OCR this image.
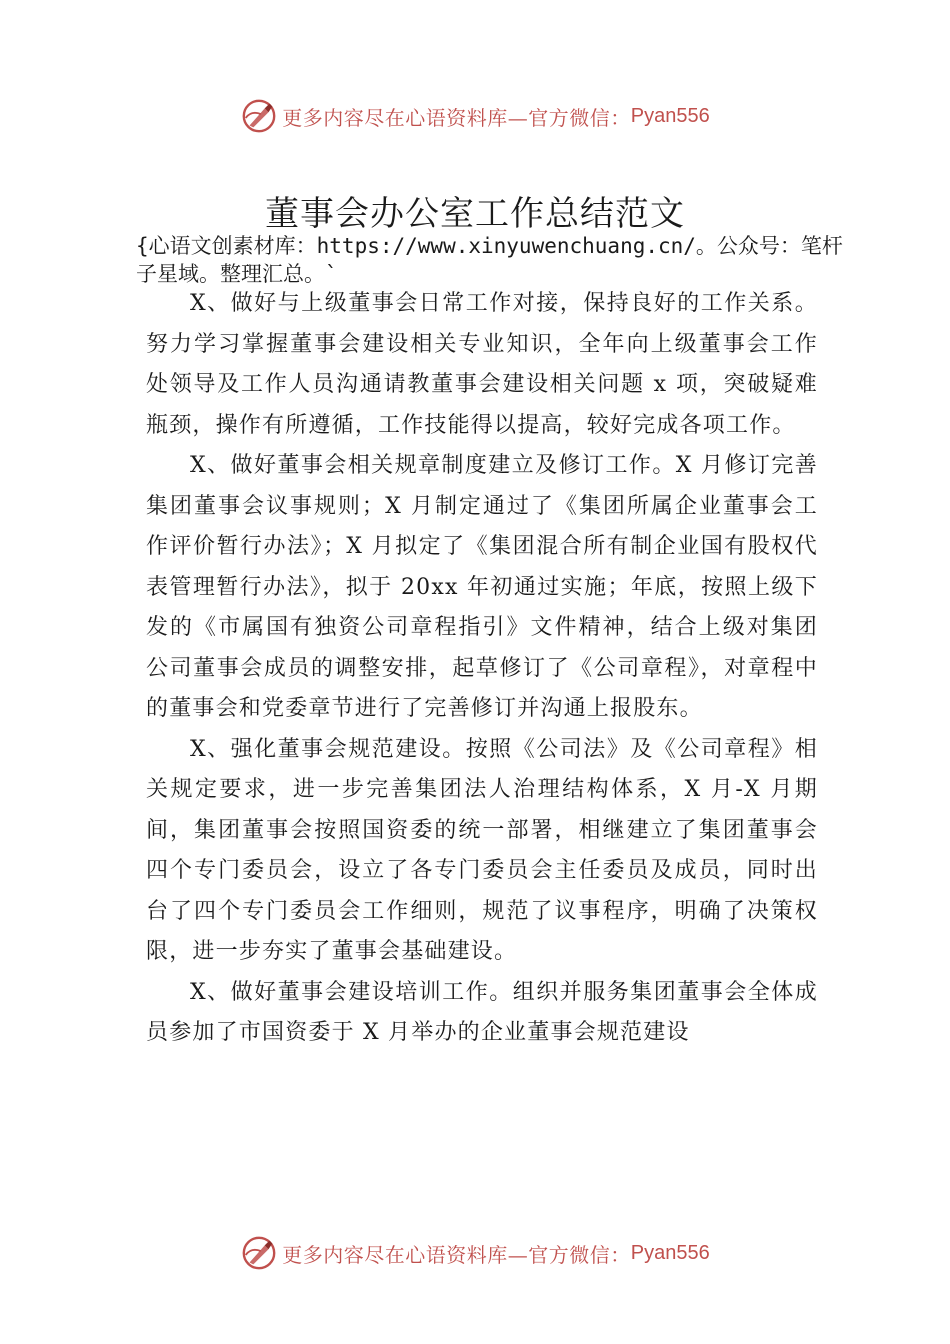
更多内容尽在心语资料库—官方微信： Pyan556
董事会办公室工作总结范文
{心语文创素材库：https://www.xinyuwenchuang.cn/。公众号：笔杆子星域。整理汇总。`

X、做好与上级董事会日常工作对接，保持良好的工作关系。努力学习掌握董事会建设相关专业知识，全年向上级董事会工作处领导及工作人员沟通请教董事会建设相关问题 x 项，突破疑难瓶颈，操作有所遵循，工作技能得以提高，较好完成各项工作。

X、做好董事会相关规章制度建立及修订工作。X 月修订完善集团董事会议事规则；X 月制定通过了《集团所属企业董事会工作评价暂行办法》；X 月拟定了《集团混合所有制企业国有股权代表管理暂行办法》，拟于 20xx 年初通过实施；年底，按照上级下发的《市属国有独资公司章程指引》文件精神，结合上级对集团公司董事会成员的调整安排，起草修订了《公司章程》，对章程中的董事会和党委章节进行了完善修订并沟通上报股东。

X、强化董事会规范建设。按照《公司法》及《公司章程》相关规定要求，进一步完善集团法人治理结构体系，X 月-X 月期间，集团董事会按照国资委的统一部署，相继建立了集团董事会四个专门委员会，设立了各专门委员会主任委员及成员，同时出台了四个专门委员会工作细则，规范了议事程序，明确了决策权限，进一步夯实了董事会基础建设。

X、做好董事会建设培训工作。组织并服务集团董事会全体成员参加了市国资委于 X 月举办的企业董事会规范建设

更多内容尽在心语资料库—官方微信： Pyan556
